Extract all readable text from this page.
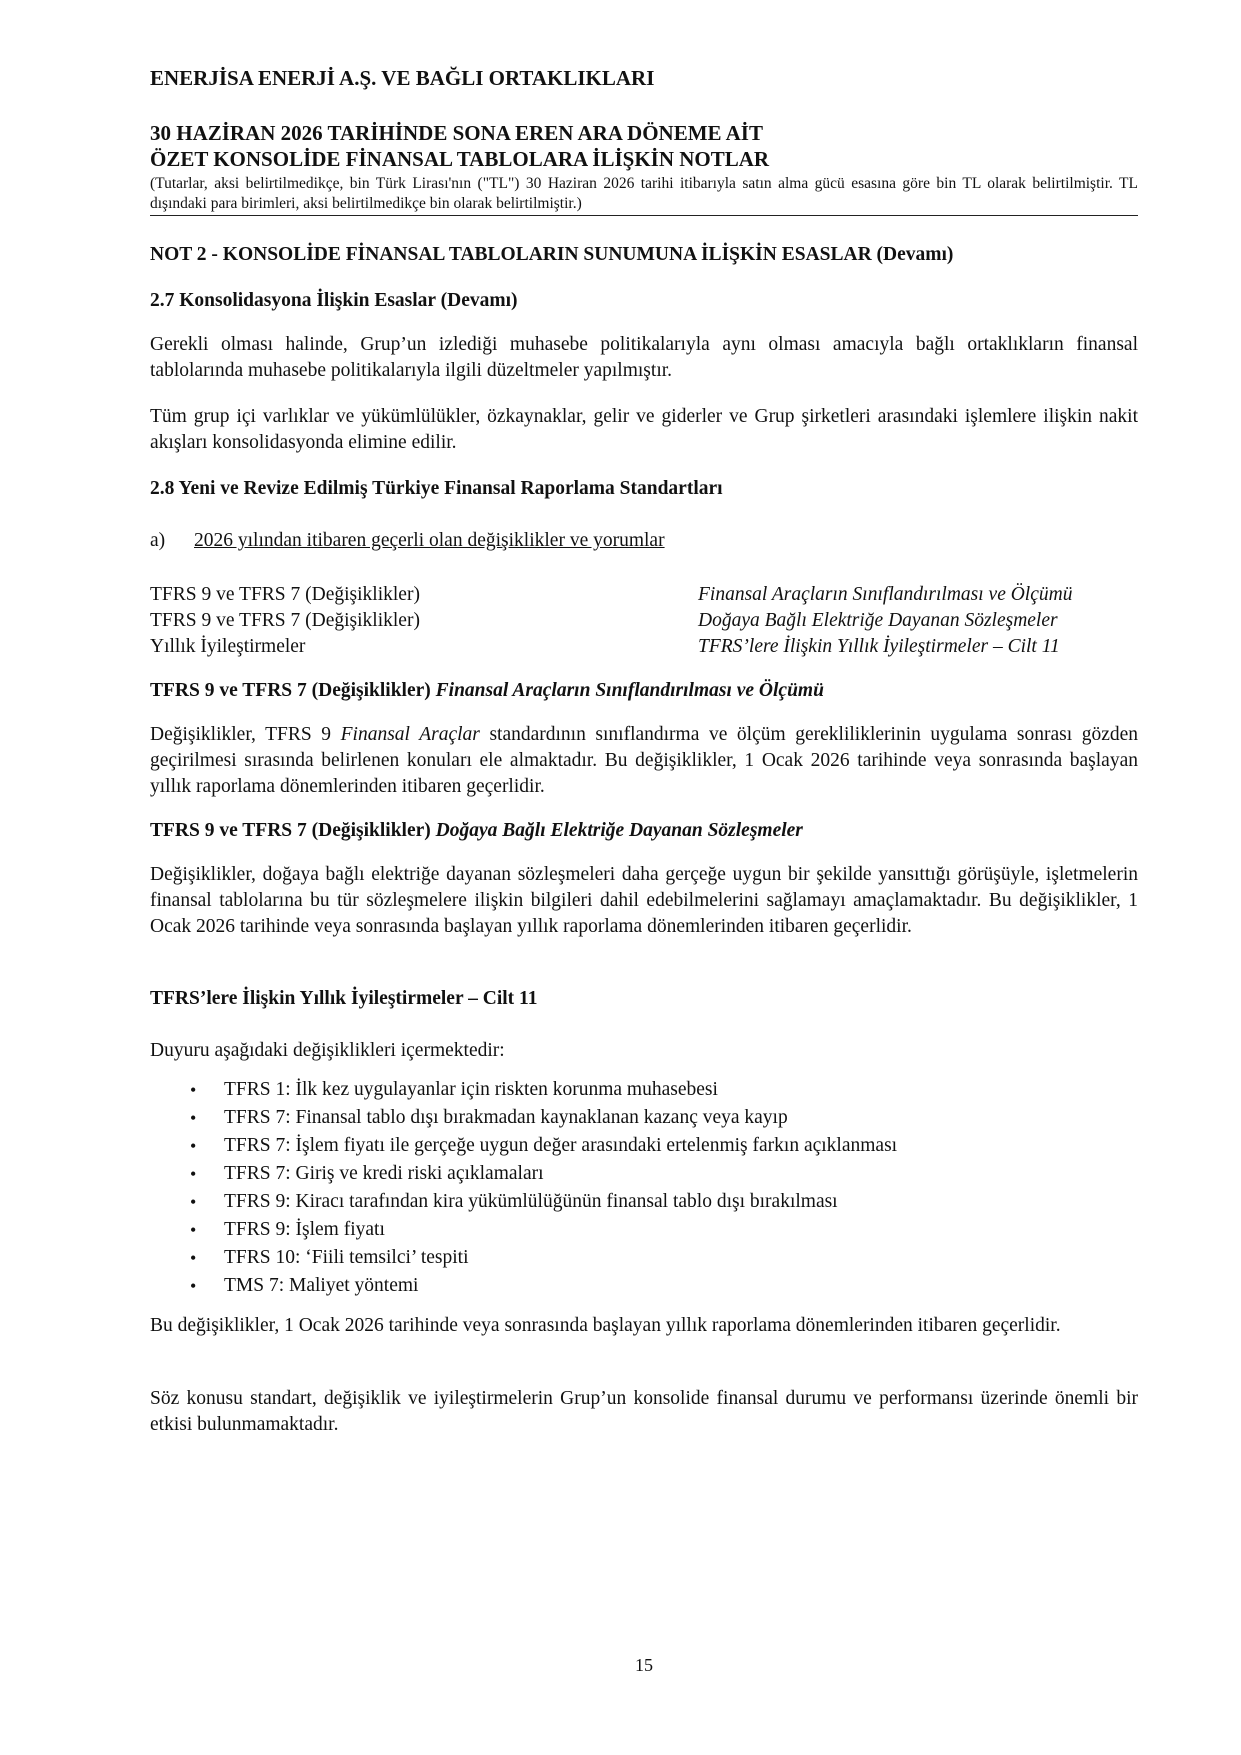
ENERJİSA ENERJİ A.Ş. VE BAĞLI ORTAKLIKLARI
30 HAZİRAN 2026 TARİHİNDE SONA EREN ARA DÖNEME AİT
ÖZET KONSOLİDE FİNANSAL TABLOLARA İLİŞKİN NOTLAR
(Tutarlar, aksi belirtilmedikçe, bin Türk Lirası'nın ("TL") 30 Haziran 2026 tarihi itibarıyla satın alma gücü esasına göre bin TL olarak belirtilmiştir. TL dışındaki para birimleri, aksi belirtilmedikçe bin olarak belirtilmiştir.)
NOT 2 - KONSOLİDE FİNANSAL TABLOLARIN SUNUMUNA İLİŞKİN ESASLAR (Devamı)
2.7 Konsolidasyona İlişkin Esaslar (Devamı)
Gerekli olması halinde, Grup’un izlediği muhasebe politikalarıyla aynı olması amacıyla bağlı ortaklıkların finansal tablolarında muhasebe politikalarıyla ilgili düzeltmeler yapılmıştır.
Tüm grup içi varlıklar ve yükümlülükler, özkaynaklar, gelir ve giderler ve Grup şirketleri arasındaki işlemlere ilişkin nakit akışları konsolidasyonda elimine edilir.
2.8 Yeni ve Revize Edilmiş Türkiye Finansal Raporlama Standartları
a) 2026 yılından itibaren geçerli olan değişiklikler ve yorumlar
TFRS 9 ve TFRS 7 (Değişiklikler)	Finansal Araçların Sınıflandırılması ve Ölçümü
TFRS 9 ve TFRS 7 (Değişiklikler)	Doğaya Bağlı Elektriğe Dayanan Sözleşmeler
Yıllık İyileştirmeler	TFRS’lere İlişkin Yıllık İyileştirmeler – Cilt 11
TFRS 9 ve TFRS 7 (Değişiklikler) Finansal Araçların Sınıflandırılması ve Ölçümü
Değişiklikler, TFRS 9 Finansal Araçlar standardının sınıflandırma ve ölçüm gerekliliklerinin uygulama sonrası gözden geçirilmesi sırasında belirlenen konuları ele almaktadır. Bu değişiklikler, 1 Ocak 2026 tarihinde veya sonrasında başlayan yıllık raporlama dönemlerinden itibaren geçerlidir.
TFRS 9 ve TFRS 7 (Değişiklikler) Doğaya Bağlı Elektriğe Dayanan Sözleşmeler
Değişiklikler, doğaya bağlı elektriğe dayanan sözleşmeleri daha gerçeğe uygun bir şekilde yansıttığı görüşüyle, işletmelerin finansal tablolarına bu tür sözleşmelere ilişkin bilgileri dahil edebilmelerini sağlamayı amaçlamaktadır. Bu değişiklikler, 1 Ocak 2026 tarihinde veya sonrasında başlayan yıllık raporlama dönemlerinden itibaren geçerlidir.
TFRS’lere İlişkin Yıllık İyileştirmeler – Cilt 11
Duyuru aşağıdaki değişiklikleri içermektedir:
• TFRS 1: İlk kez uygulayanlar için riskten korunma muhasebesi
• TFRS 7: Finansal tablo dışı bırakmadan kaynaklanan kazanç veya kayıp
• TFRS 7: İşlem fiyatı ile gerçeğe uygun değer arasındaki ertelenmiş farkın açıklanması
• TFRS 7: Giriş ve kredi riski açıklamaları
• TFRS 9: Kiracı tarafından kira yükümlülüğünün finansal tablo dışı bırakılması
• TFRS 9: İşlem fiyatı
• TFRS 10: ‘Fiili temsilci’ tespiti
• TMS 7: Maliyet yöntemi
Bu değişiklikler, 1 Ocak 2026 tarihinde veya sonrasında başlayan yıllık raporlama dönemlerinden itibaren geçerlidir.
Söz konusu standart, değişiklik ve iyileştirmelerin Grup’un konsolide finansal durumu ve performansı üzerinde önemli bir etkisi bulunmamaktadır.
15
